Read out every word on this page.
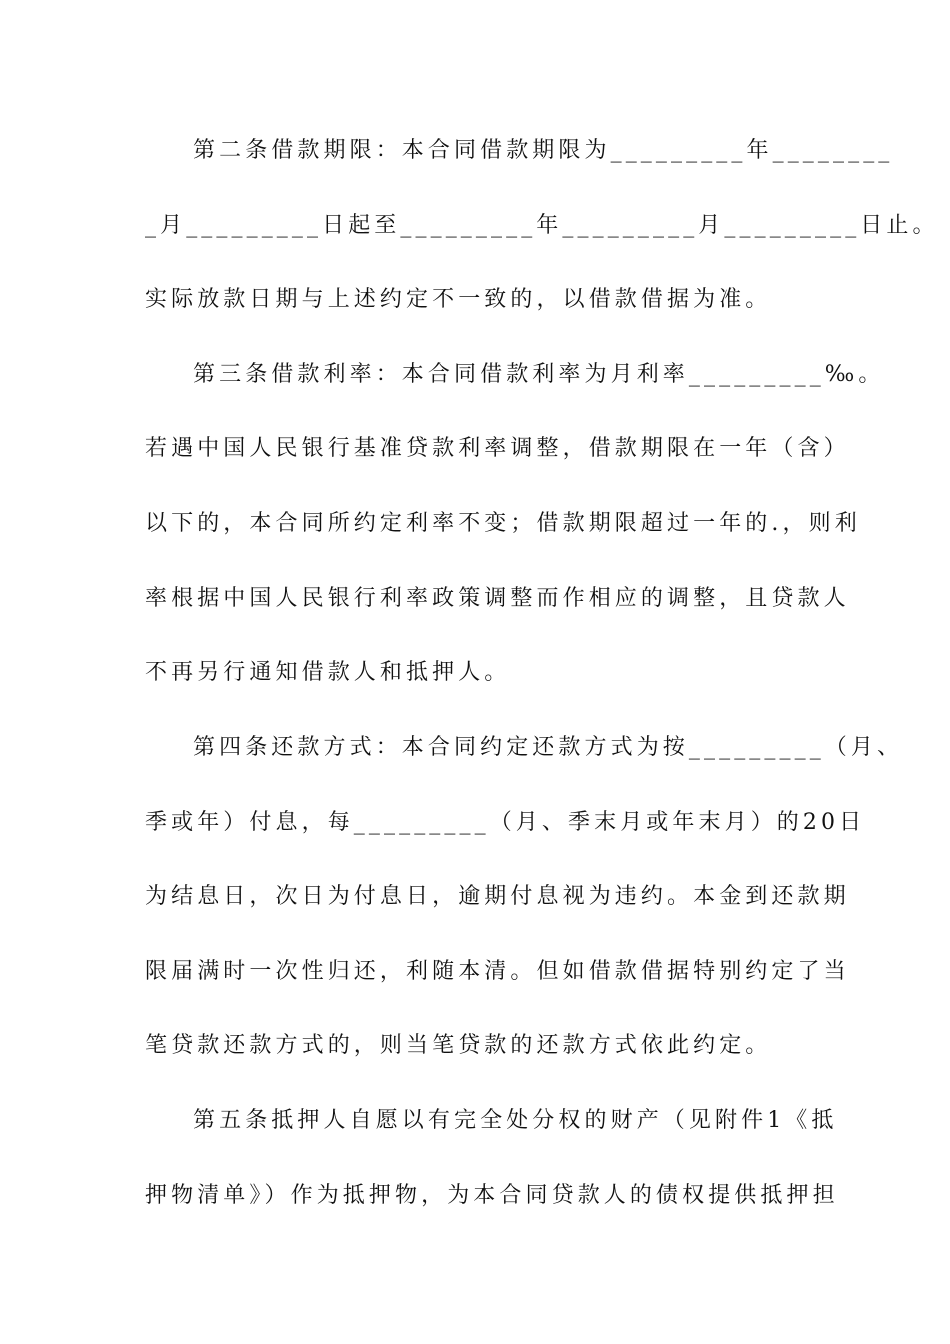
第二条借款期限：本合同借款期限为_________年________
_月_________日起至_________年_________月_________日止。
实际放款日期与上述约定不一致的，以借款借据为准。
第三条借款利率：本合同借款利率为月利率_________‰。
若遇中国人民银行基准贷款利率调整，借款期限在一年（含）
以下的，本合同所约定利率不变；借款期限超过一年的.，则利
率根据中国人民银行利率政策调整而作相应的调整，且贷款人
不再另行通知借款人和抵押人。
第四条还款方式：本合同约定还款方式为按_________（月、
季或年）付息，每_________（月、季末月或年末月）的20日
为结息日，次日为付息日，逾期付息视为违约。本金到还款期
限届满时一次性归还，利随本清。但如借款借据特别约定了当
笔贷款还款方式的，则当笔贷款的还款方式依此约定。
第五条抵押人自愿以有完全处分权的财产（见附件1《抵
押物清单》）作为抵押物，为本合同贷款人的债权提供抵押担
